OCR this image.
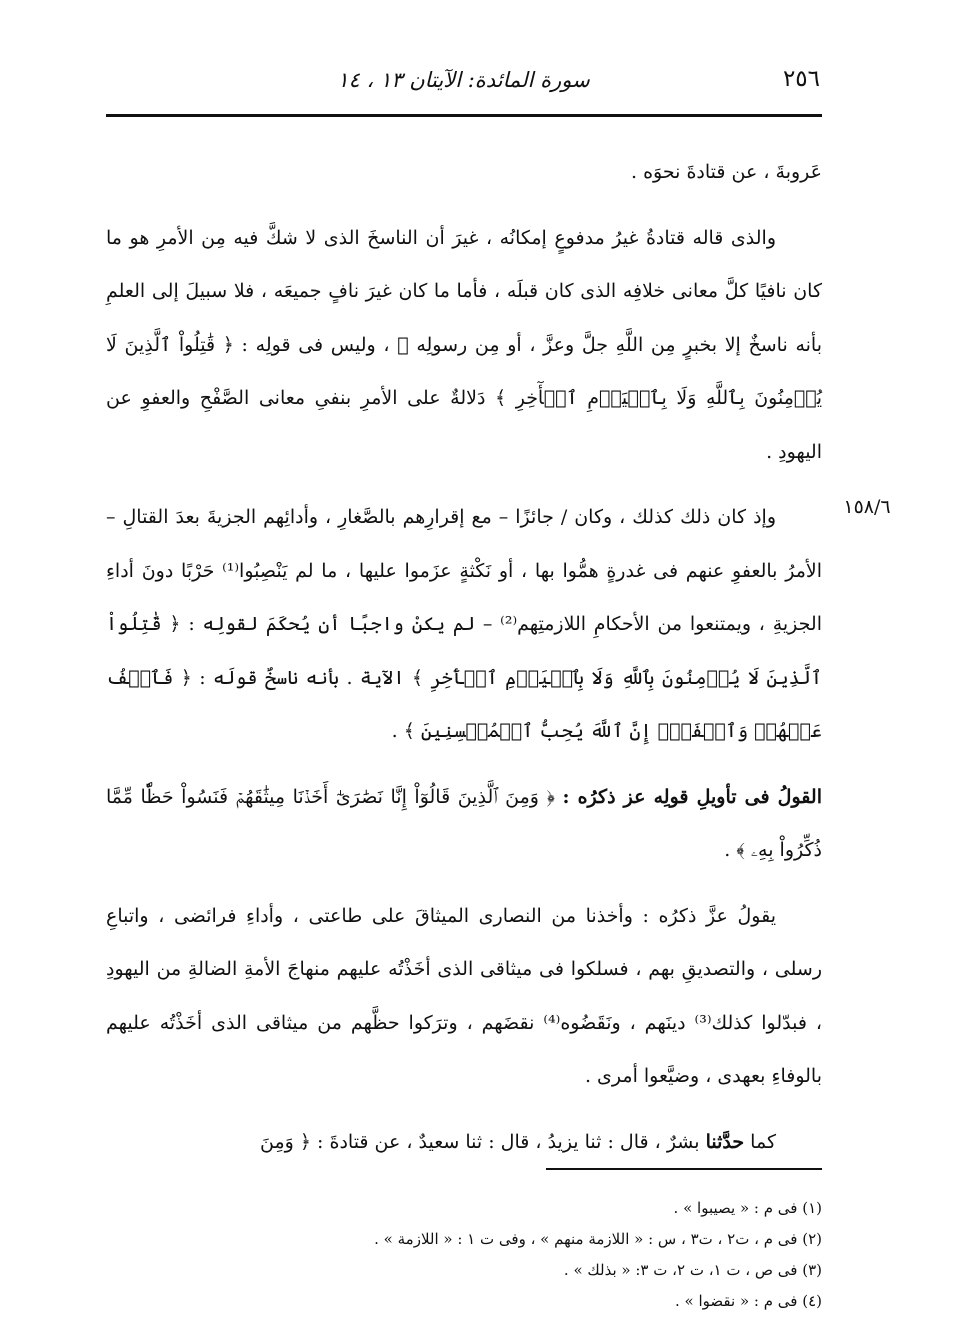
٢٥٦
سورة المائدة: الآيتان ١٣ ، ١٤
١٥٨/٦

عَروبةَ ، عن قتادةَ نحوَه .

والذى قاله قتادةُ غيرُ مدفوعٍ إمكانُه ، غيرَ أن الناسخَ الذى لا شكَّ فيه مِن الأمرِ هو ما كان نافيًا كلَّ معانى خلافِه الذى كان قبلَه ، فأما ما كان غيرَ نافٍ جميعَه ، فلا سبيلَ إلى العلمِ بأنه ناسخٌ إلا بخبرٍ مِن اللَّهِ جلَّ وعزَّ ، أو مِن رسولِه ﷺ ، وليس فى قولِه : ﴿ قَٰتِلُواْ ٱلَّذِينَ لَا يُؤۡمِنُونَ بِٱللَّهِ وَلَا بِٱلۡيَوۡمِ ٱلۡأٓخِرِ ﴾ دَلالةٌ على الأمرِ بنفىِ معانى الصَّفْحِ والعفوِ عن اليهودِ .

وإذ كان ذلك كذلك ، وكان / جائزًا – مع إقرارِهم بالصَّغارِ ، وأدائِهم الجزيةَ بعدَ القتالِ – الأمرُ بالعفوِ عنهم فى غدرةٍ همُّوا بها ، أو نَكْثةٍ عزَموا عليها ، ما لم يَنْصِبُوا⁽¹⁾ حَرْبًا دونَ أداءِ الجزيةِ ، ويمتنعوا من الأحكامِ اللازمتِهم⁽²⁾ – لم يكنْ واجبًا أن يُحكَمَ لقولِه : ﴿ قَٰتِلُواْ ٱلَّذِينَ لَا يُؤۡمِنُونَ بِٱللَّهِ وَلَا بِٱلۡيَوۡمِ ٱلۡأٓخِرِ ﴾ الآية . بأنه ناسخٌ قولَه : ﴿ فَٱعۡفُ عَنۡهُمۡ وَٱصۡفَحۡۚ إِنَّ ٱللَّهَ يُحِبُّ ٱلۡمُحۡسِنِينَ ﴾ .

القولُ فى تأويلِ قولِه عز ذكرُه : ﴿ وَمِنَ ٱلَّذِينَ قَالُوٓاْ إِنَّا نَصَٰرَىٰٓ أَخَذۡنَا مِيثَٰقَهُمۡ فَنَسُواْ حَظّٗا مِّمَّا ذُكِّرُواْ بِهِۦ ﴾ .

يقولُ عزَّ ذكرُه : وأخذنا من النصارى الميثاقَ على طاعتى ، وأداءِ فرائضى ، واتباعِ رسلى ، والتصديقِ بهم ، فسلكوا فى ميثاقى الذى أخَذْتُه عليهم منهاجَ الأمةِ الضالةِ من اليهودِ ، فبدّلوا كذلك⁽³⁾ دينَهم ، ونَقَضُوه⁽⁴⁾ نقضَهم ، وترَكوا حظَّهم من ميثاقى الذى أخَذْتُه عليهم بالوفاءِ بعهدى ، وضيَّعوا أمرى .

كما حدَّثنا بشرٌ ، قال : ثنا يزيدُ ، قال : ثنا سعيدٌ ، عن قتادةَ : ﴿ وَمِنَ

(١) فى م : « يصيبوا » .
(٢) فى م ، ت٢ ، ت٣ ، س : « اللازمة منهم » ، وفى ت ١ : « اللازمة » .
(٣) فى ص ، ت ١، ت ٢، ت ٣: « بذلك » .
(٤) فى م : « نقضوا » .
